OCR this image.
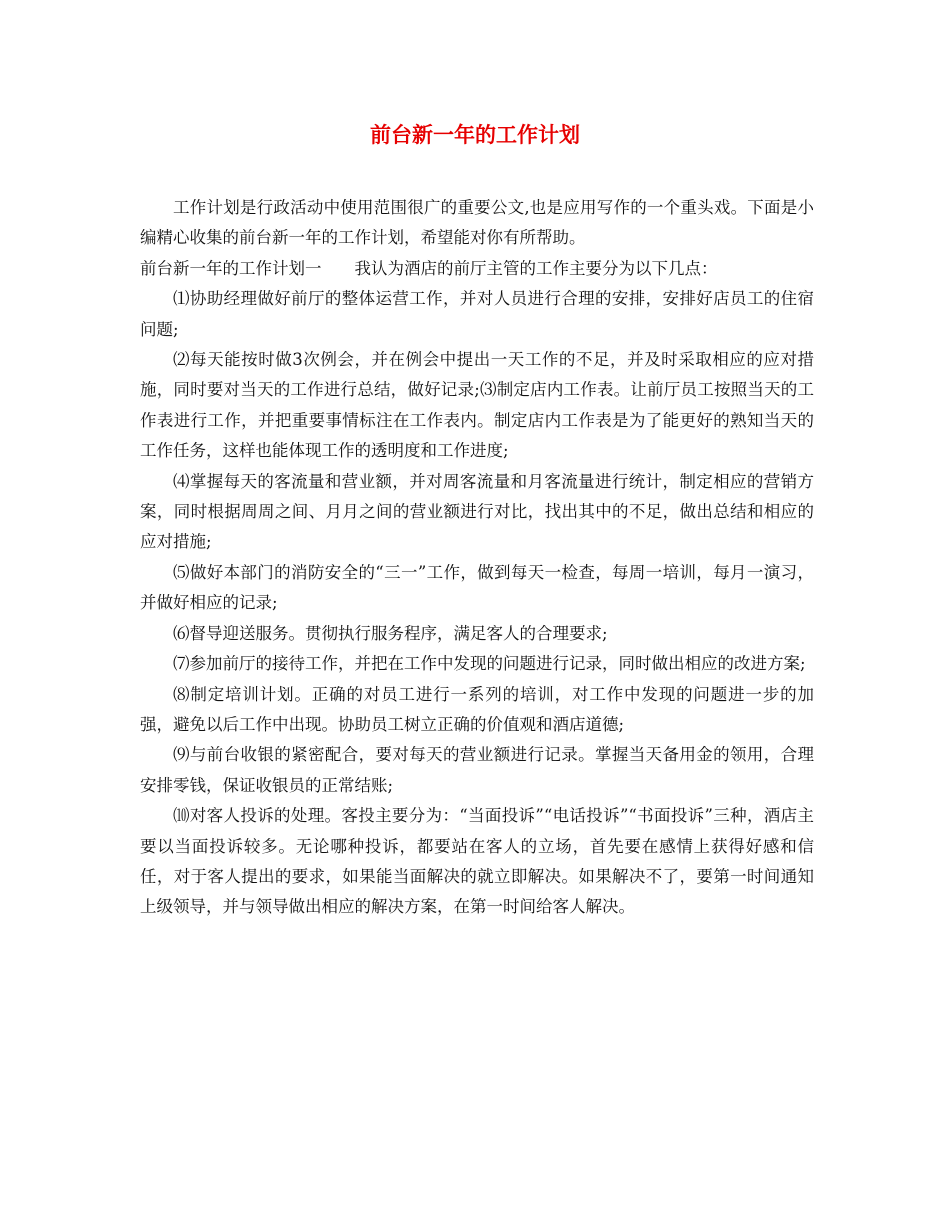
前台新一年的工作计划

工作计划是行政活动中使用范围很广的重要公文,也是应用写作的一个重头戏。下面是小编精心收集的前台新一年的工作计划，希望能对你有所帮助。

前台新一年的工作计划一　　我认为酒店的前厅主管的工作主要分为以下几点：

⑴协助经理做好前厅的整体运营工作，并对人员进行合理的安排，安排好店员工的住宿问题;

⑵每天能按时做3次例会，并在例会中提出一天工作的不足，并及时采取相应的应对措施，同时要对当天的工作进行总结，做好记录;⑶制定店内工作表。让前厅员工按照当天的工作表进行工作，并把重要事情标注在工作表内。制定店内工作表是为了能更好的熟知当天的工作任务，这样也能体现工作的透明度和工作进度;

⑷掌握每天的客流量和营业额，并对周客流量和月客流量进行统计，制定相应的营销方案，同时根据周周之间、月月之间的营业额进行对比，找出其中的不足，做出总结和相应的应对措施;

⑸做好本部门的消防安全的“三一”工作，做到每天一检查，每周一培训，每月一演习，并做好相应的记录;

⑹督导迎送服务。贯彻执行服务程序，满足客人的合理要求;

⑺参加前厅的接待工作，并把在工作中发现的问题进行记录，同时做出相应的改进方案;

⑻制定培训计划。正确的对员工进行一系列的培训，对工作中发现的问题进一步的加强，避免以后工作中出现。协助员工树立正确的价值观和酒店道德;

⑼与前台收银的紧密配合，要对每天的营业额进行记录。掌握当天备用金的领用，合理安排零钱，保证收银员的正常结账;

⑽对客人投诉的处理。客投主要分为：“当面投诉”“电话投诉”“书面投诉”三种，酒店主要以当面投诉较多。无论哪种投诉，都要站在客人的立场，首先要在感情上获得好感和信任，对于客人提出的要求，如果能当面解决的就立即解决。如果解决不了，要第一时间通知上级领导，并与领导做出相应的解决方案，在第一时间给客人解决。
